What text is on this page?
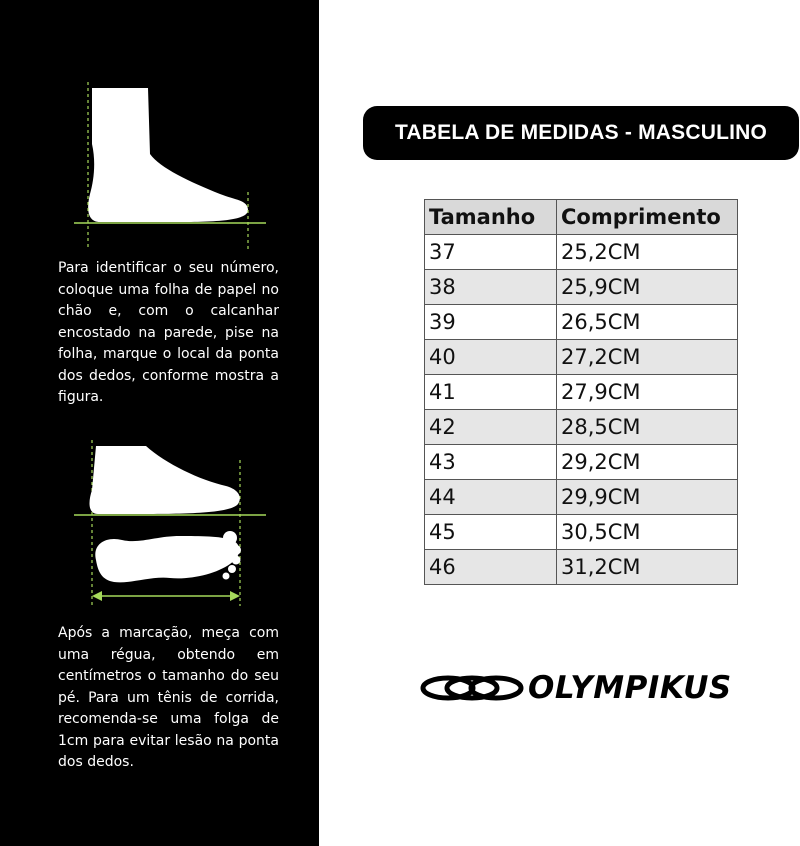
Para identificar o seu número, coloque uma folha de papel no chão e, com o calcanhar encostado na parede, pise na folha, marque o local da ponta dos dedos, conforme mostra a figura.

Após a marcação, meça com uma régua, obtendo em centímetros o tamanho do seu pé. Para um tênis de corrida, recomenda-se uma folga de 1cm para evitar lesão na ponta dos dedos.

TABELA DE MEDIDAS - MASCULINO
Tamanho	Comprimento
37	25,2CM
38	25,9CM
39	26,5CM
40	27,2CM
41	27,9CM
42	28,5CM
43	29,2CM
44	29,9CM
45	30,5CM
46	31,2CM
OLYMPIKUS
